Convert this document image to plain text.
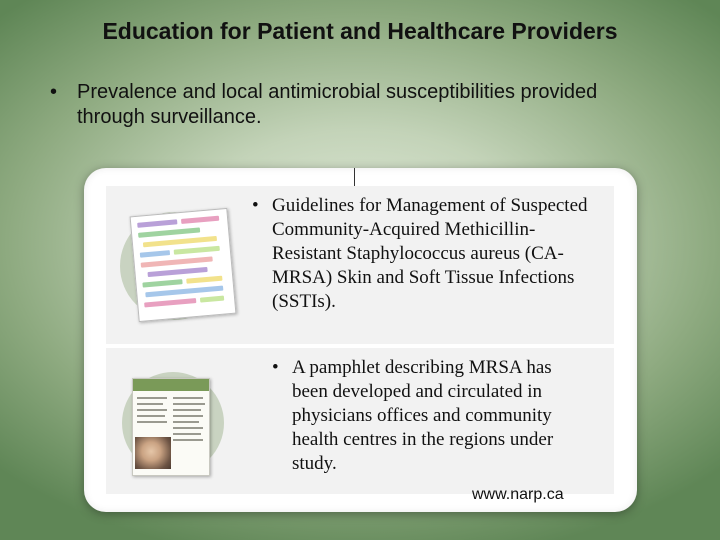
Education for Patient and Healthcare Providers
• Prevalence and local antimicrobial susceptibilities provided through surveillance.
• Guidelines for Management of Suspected Community-Acquired Methicillin-Resistant Staphylococcus aureus (CA-MRSA) Skin and Soft Tissue Infections (SSTIs).
• A pamphlet describing MRSA has been developed and circulated in physicians offices and community health centres in the regions under study.
www.narp.ca
